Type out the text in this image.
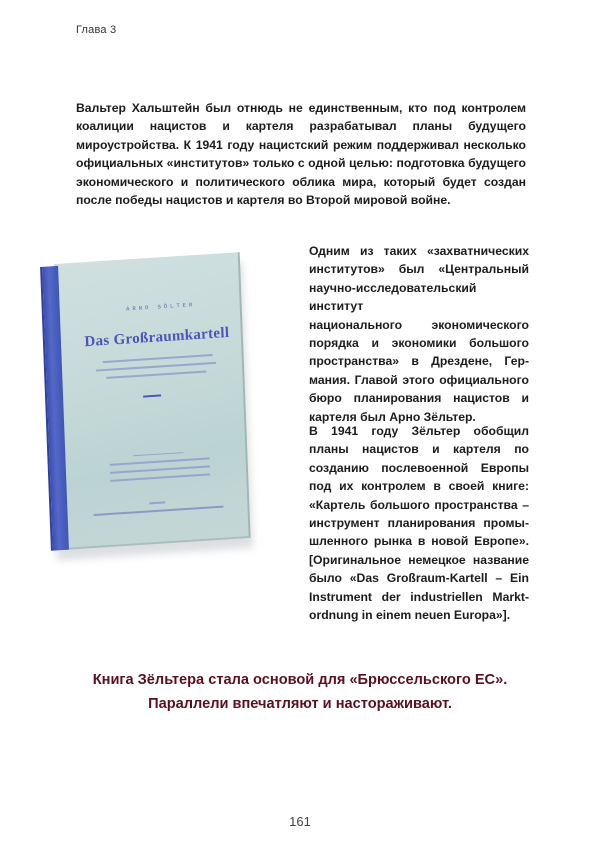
Глава 3
Вальтер Хальштейн был отнюдь не единственным, кто под контролем
коалиции нацистов и картеля разрабатывал планы будущего
мироустройства. К 1941 году нацистский режим поддерживал несколько
официальных «институтов» только с одной целью: подготовка будущего
экономического и политического облика мира, который будет создан
после победы нацистов и картеля во Второй мировой войне.
ARNO SÖLTER
Das Großraumkartell
Одним из таких «захватнических
институтов» был «Центральный
научно-исследовательский институт
национального экономического
порядка и экономики большого
пространства» в Дрездене, Гер-
мания. Главой этого официального
бюро планирования нацистов и
картеля был Арно Зёльтер.
В 1941 году Зёльтер обобщил
планы нацистов и картеля по
созданию послевоенной Европы
под их контролем в своей книге:
«Картель большого пространства –
инструмент планирования промы-
шленного рынка в новой Европе».
[Оригинальное немецкое название
было «Das Großraum-Kartell – Ein
Instrument der industriellen Markt-
ordnung in einem neuen Europa»].
Книга Зёльтера стала основой для «Брюссельского ЕС».
Параллели впечатляют и настораживают.
161
